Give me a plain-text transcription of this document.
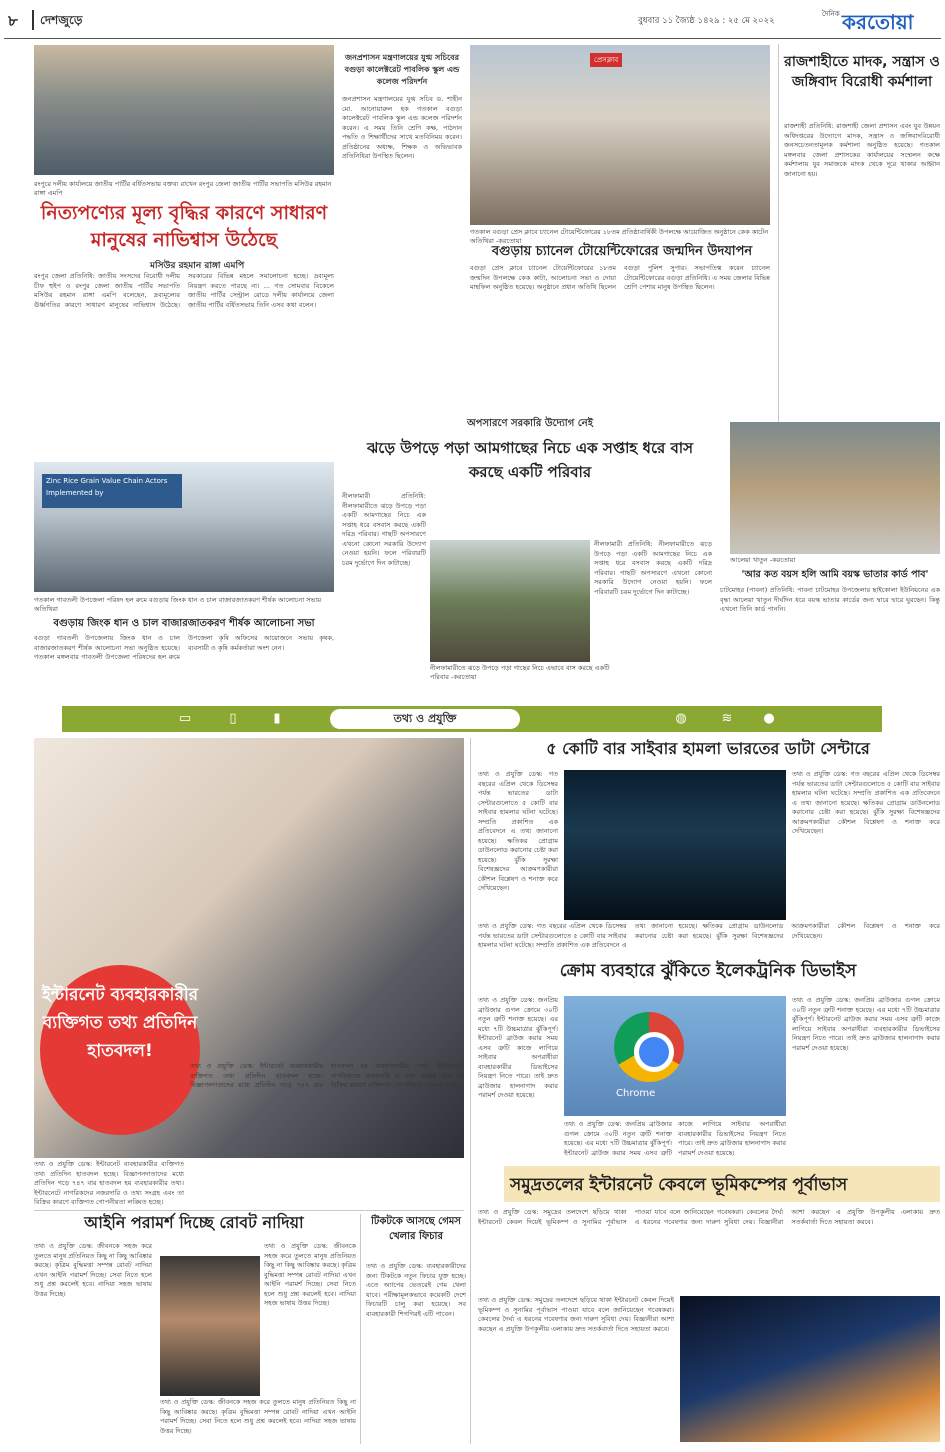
৮ দেশজুড়ে	বুধবার ১১ জ্যৈষ্ঠ ১৪২৯ : ২৫ মে ২০২২
দৈনিক করতোয়া
রংপুরে দলীয় কার্যালয়ে জাতীয় পার্টির বর্ধিতসভায় বক্তব্য রাখেন রংপুর জেলা জাতীয় পার্টির সভাপতি মসিউর রহমান রাঙ্গা এমপি
নিত্যপণ্যের মূল্য বৃদ্ধির কারণে সাধারণ মানুষের নাভিশ্বাস উঠেছে
মসিউর রহমান রাঙ্গা এমপি
রংপুর জেলা প্রতিনিধি: জাতীয় সংসদের বিরোধী দলীয় চীফ হুইপ ও রংপুর জেলা জাতীয় পার্টির সভাপতি মসিউর রহমান রাঙ্গা এমপি বলেছেন, দ্রব্যমূল্যের ঊর্ধ্বগতির কারণে সাধারণ মানুষের নাভিশ্বাস উঠেছে। সরকারের বিভিন্ন মহলে সমালোচনা হচ্ছে। দ্রব্যমূল্য নিয়ন্ত্রণ করতে পারছে না। ... গত সোমবার বিকেলে জাতীয় পার্টির সেন্ট্রাল রোডে দলীয় কার্যালয়ে জেলা জাতীয় পার্টির বর্ধিতসভায় তিনি এসব কথা বলেন।
জনপ্রশাসন মন্ত্রণালয়ের যুগ্ম সচিবের বগুড়া কালেক্টরেট পাবলিক স্কুল এন্ড কলেজ পরিদর্শন
জনপ্রশাসন মন্ত্রণালয়ের যুগ্ম সচিব ড. শাহীন মো. আনোয়ারুল হক গতকাল বগুড়া কালেক্টরেট পাবলিক স্কুল এন্ড কলেজ পরিদর্শন করেন। এ সময় তিনি শ্রেণি কক্ষ, পাঠদান পদ্ধতি ও শিক্ষার্থীদের সাথে মতবিনিময় করেন। প্রতিষ্ঠানের অধ্যক্ষ, শিক্ষক ও অভিভাবক প্রতিনিধিরা উপস্থিত ছিলেন।
প্রেসক্লাব
গতকাল বগুড়া প্রেস ক্লাবে চ্যানেল টোয়েন্টিফোরের ১৮তম প্রতিষ্ঠাবার্ষিকী উপলক্ষে আয়োজিত অনুষ্ঠানে কেক কাটেন অতিথিরা -করতোয়া
বগুড়ায় চ্যানেল টোয়েন্টিফোরের জন্মদিন উদযাপন
বগুড়া প্রেস ক্লাবে চ্যানেল টোয়েন্টিফোরের ১৮তম জন্মদিন উপলক্ষে কেক কাটা, আলোচনা সভা ও দোয়া মাহফিল অনুষ্ঠিত হয়েছে। অনুষ্ঠানে প্রধান অতিথি ছিলেন বগুড়া পুলিশ সুপার। সভাপতিত্ব করেন চ্যানেল টোয়েন্টিফোরের বগুড়া প্রতিনিধি। এ সময় জেলার বিভিন্ন শ্রেণি পেশার মানুষ উপস্থিত ছিলেন।
রাজশাহীতে মাদক, সন্ত্রাস ও জঙ্গিবাদ বিরোধী কর্মশালা
রাজশাহী প্রতিনিধি: রাজশাহী জেলা প্রশাসন এবং যুব উন্নয়ন অধিদপ্তরের উদ্যোগে মাদক, সন্ত্রাস ও জঙ্গিবাদবিরোধী জনসচেতনতামূলক কর্মশালা অনুষ্ঠিত হয়েছে। গতকাল মঙ্গলবার জেলা প্রশাসকের কার্যালয়ের সম্মেলন কক্ষে কর্মশালায় যুব সমাজকে মাদক থেকে দূরে থাকার আহ্বান জানানো হয়।
Zinc Rice Grain Value Chain Actors
Implemented by
গতকাল গাবতলী উপজেলা পরিষদ হল রুমে বগুড়ায় জিংক ধান ও চাল বাজারজাতকরণ শীর্ষক আলোচনা সভায় অতিথিরা
বগুড়ায় জিংক ধান ও চাল বাজারজাতকরণ শীর্ষক আলোচনা সভা
বগুড়া গাবতলী উপজেলায় জিংক ধান ও চাল বাজারজাতকরণ শীর্ষক আলোচনা সভা অনুষ্ঠিত হয়েছে। গতকাল মঙ্গলবার গাবতলী উপজেলা পরিষদের হল রুমে উপজেলা কৃষি অফিসের আয়োজনে সভায় কৃষক, ব্যবসায়ী ও কৃষি কর্মকর্তারা অংশ নেন।
অপসারণে সরকারি উদ্যোগ নেই
ঝড়ে উপড়ে পড়া আমগাছের নিচে এক সপ্তাহ ধরে বাস করছে একটি পরিবার
নীলফামারী প্রতিনিধি: নীলফামারীতে ঝড়ে উপড়ে পড়া একটি আমগাছের নিচে এক সপ্তাহ ধরে বসবাস করছে একটি দরিদ্র পরিবার। গাছটি অপসারণে এখনো কোনো সরকারি উদ্যোগ নেওয়া হয়নি। ফলে পরিবারটি চরম দুর্ভোগে দিন কাটাচ্ছে।
নীলফামারীতে ঝড়ে উপড়ে পড়া গাছের নিচে এভাবে বাস করছে একটি পরিবার -করতোয়া
নীলফামারী প্রতিনিধি: নীলফামারীতে ঝড়ে উপড়ে পড়া একটি আমগাছের নিচে এক সপ্তাহ ধরে বসবাস করছে একটি দরিদ্র পরিবার। গাছটি অপসারণে এখনো কোনো সরকারি উদ্যোগ নেওয়া হয়নি। ফলে পরিবারটি চরম দুর্ভোগে দিন কাটাচ্ছে।
আলেয়া খাতুন -করতোয়া
'আর কত বয়স হলি আমি বয়স্ক ভাতার কার্ড পাব'
চাটমোহর (পাবনা) প্রতিনিধি: পাবনা চাটমোহর উপজেলার ছাইকোলা ইউনিয়নের এক বৃদ্ধা আলেয়া খাতুন দীর্ঘদিন ধরে বয়স্ক ভাতার কার্ডের জন্য দ্বারে দ্বারে ঘুরছেন। কিন্তু এখনো তিনি কার্ড পাননি।
তথ্য ও প্রযুক্তি
▭	▯	▮	◍	≋ ●
ইন্টারনেট ব্যবহারকারীর ব্যক্তিগত তথ্য প্রতিদিন হাতবদল!
তথ্য ও প্রযুক্তি ডেস্ক: ইন্টারনেট ব্যবহারকারীর ব্যক্তিগত তথ্য প্রতিদিন হাতবদল হচ্ছে। বিজ্ঞাপনদাতাদের মধ্যে প্রতিদিন গড়ে ৭৪৭ বার হাতবদল হয় ব্যবহারকারীর তথ্য। ইন্টারনেটে নাগরিকদের নজরদারি ও তথ্য সংগ্রহ এবং তা বিক্রির কারণে ব্যক্তিগত গোপনীয়তা লঙ্ঘিত হচ্ছে।
তথ্য ও প্রযুক্তি ডেস্ক: ইন্টারনেট ব্যবহারকারীর ব্যক্তিগত তথ্য প্রতিদিন হাতবদল হচ্ছে। বিজ্ঞাপনদাতাদের মধ্যে প্রতিদিন গড়ে ৭৪৭ বার হাতবদল হয় ব্যবহারকারীর তথ্য। ইন্টারনেটে নাগরিকদের নজরদারি ও তথ্য সংগ্রহ এবং তা বিক্রির কারণে ব্যক্তিগত গোপনীয়তা লঙ্ঘিত হচ্ছে।
৫ কোটি বার সাইবার হামলা ভারতের ডাটা সেন্টারে
তথ্য ও প্রযুক্তি ডেস্ক: গত বছরের এপ্রিল থেকে ডিসেম্বর পর্যন্ত ভারতের ডাটা সেন্টারগুলোতে ৫ কোটি বার সাইবার হামলার ঘটনা ঘটেছে। সম্প্রতি প্রকাশিত এক প্রতিবেদনে এ তথ্য জানানো হয়েছে। ক্ষতিকর প্রোগ্রাম ডাউনলোড করানোর চেষ্টা করা হয়েছে। ঝুঁকি সুরক্ষা বিশেষজ্ঞদের আক্রমণকারীরা কৌশল বিশ্লেষণ ও শনাক্ত করে দেখিয়েছেন।
তথ্য ও প্রযুক্তি ডেস্ক: গত বছরের এপ্রিল থেকে ডিসেম্বর পর্যন্ত ভারতের ডাটা সেন্টারগুলোতে ৫ কোটি বার সাইবার হামলার ঘটনা ঘটেছে। সম্প্রতি প্রকাশিত এক প্রতিবেদনে এ তথ্য জানানো হয়েছে। ক্ষতিকর প্রোগ্রাম ডাউনলোড করানোর চেষ্টা করা হয়েছে। ঝুঁকি সুরক্ষা বিশেষজ্ঞদের আক্রমণকারীরা কৌশল বিশ্লেষণ ও শনাক্ত করে দেখিয়েছেন।
তথ্য ও প্রযুক্তি ডেস্ক: গত বছরের এপ্রিল থেকে ডিসেম্বর পর্যন্ত ভারতের ডাটা সেন্টারগুলোতে ৫ কোটি বার সাইবার হামলার ঘটনা ঘটেছে। সম্প্রতি প্রকাশিত এক প্রতিবেদনে এ তথ্য জানানো হয়েছে। ক্ষতিকর প্রোগ্রাম ডাউনলোড করানোর চেষ্টা করা হয়েছে। ঝুঁকি সুরক্ষা বিশেষজ্ঞদের আক্রমণকারীরা কৌশল বিশ্লেষণ ও শনাক্ত করে দেখিয়েছেন।
ক্রোম ব্যবহারে ঝুঁকিতে ইলেকট্রনিক ডিভাইস
তথ্য ও প্রযুক্তি ডেস্ক: জনপ্রিয় ব্রাউজার গুগল ক্রোমে ৩০টি নতুন ত্রুটি শনাক্ত হয়েছে। এর মধ্যে ৭টি উচ্চমাত্রার ঝুঁকিপূর্ণ। ইন্টারনেট ব্রাউজ করার সময় এসব ত্রুটি কাজে লাগিয়ে সাইবার অপরাধীরা ব্যবহারকারীর ডিভাইসের নিয়ন্ত্রণ নিতে পারে। তাই দ্রুত ব্রাউজার হালনাগাদ করার পরামর্শ দেওয়া হয়েছে।	Chrome
তথ্য ও প্রযুক্তি ডেস্ক: জনপ্রিয় ব্রাউজার গুগল ক্রোমে ৩০টি নতুন ত্রুটি শনাক্ত হয়েছে। এর মধ্যে ৭টি উচ্চমাত্রার ঝুঁকিপূর্ণ। ইন্টারনেট ব্রাউজ করার সময় এসব ত্রুটি কাজে লাগিয়ে সাইবার অপরাধীরা ব্যবহারকারীর ডিভাইসের নিয়ন্ত্রণ নিতে পারে। তাই দ্রুত ব্রাউজার হালনাগাদ করার পরামর্শ দেওয়া হয়েছে।
তথ্য ও প্রযুক্তি ডেস্ক: জনপ্রিয় ব্রাউজার গুগল ক্রোমে ৩০টি নতুন ত্রুটি শনাক্ত হয়েছে। এর মধ্যে ৭টি উচ্চমাত্রার ঝুঁকিপূর্ণ। ইন্টারনেট ব্রাউজ করার সময় এসব ত্রুটি কাজে লাগিয়ে সাইবার অপরাধীরা ব্যবহারকারীর ডিভাইসের নিয়ন্ত্রণ নিতে পারে। তাই দ্রুত ব্রাউজার হালনাগাদ করার পরামর্শ দেওয়া হয়েছে।
আইনি পরামর্শ দিচ্ছে রোবট নাদিয়া
তথ্য ও প্রযুক্তি ডেস্ক: জীবনকে সহজ করে তুলতে মানুষ প্রতিনিয়ত কিছু না কিছু আবিষ্কার করছে। কৃত্রিম বুদ্ধিমত্তা সম্পন্ন রোবট নাদিয়া এখন আইনি পরামর্শ দিচ্ছে। সেবা নিতে হলে শুধু প্রশ্ন করলেই হবে। নাদিয়া সহজ ভাষায় উত্তর দিচ্ছে।
তথ্য ও প্রযুক্তি ডেস্ক: জীবনকে সহজ করে তুলতে মানুষ প্রতিনিয়ত কিছু না কিছু আবিষ্কার করছে। কৃত্রিম বুদ্ধিমত্তা সম্পন্ন রোবট নাদিয়া এখন আইনি পরামর্শ দিচ্ছে। সেবা নিতে হলে শুধু প্রশ্ন করলেই হবে। নাদিয়া সহজ ভাষায় উত্তর দিচ্ছে।
তথ্য ও প্রযুক্তি ডেস্ক: জীবনকে সহজ করে তুলতে মানুষ প্রতিনিয়ত কিছু না কিছু আবিষ্কার করছে। কৃত্রিম বুদ্ধিমত্তা সম্পন্ন রোবট নাদিয়া এখন আইনি পরামর্শ দিচ্ছে। সেবা নিতে হলে শুধু প্রশ্ন করলেই হবে। নাদিয়া সহজ ভাষায় উত্তর দিচ্ছে।
টিকটকে আসছে গেমস খেলার ফিচার
তথ্য ও প্রযুক্তি ডেস্ক: ব্যবহারকারীদের জন্য টিকটকে নতুন ফিচার যুক্ত হচ্ছে। এতে অ্যাপের ভেতরেই গেম খেলা যাবে। পরীক্ষামূলকভাবে কয়েকটি দেশে ফিচারটি চালু করা হয়েছে। সব ব্যবহারকারী শিগগিরই এটি পাবেন।
সমুদ্রতলের ইন্টারনেট কেবলে ভূমিকম্পের পূর্বাভাস
তথ্য ও প্রযুক্তি ডেস্ক: সমুদ্রের তলদেশে ছড়িয়ে থাকা ইন্টারনেট কেবল দিয়েই ভূমিকম্প ও সুনামির পূর্বাভাস পাওয়া যাবে বলে জানিয়েছেন গবেষকরা। কেবলের দৈর্ঘ্য এ ধরনের গবেষণার জন্য দারুণ সুবিধা দেয়। বিজ্ঞানীরা আশা করছেন এ প্রযুক্তি উপকূলীয় এলাকায় দ্রুত সতর্কবার্তা দিতে সহায়তা করবে।
তথ্য ও প্রযুক্তি ডেস্ক: সমুদ্রের তলদেশে ছড়িয়ে থাকা ইন্টারনেট কেবল দিয়েই ভূমিকম্প ও সুনামির পূর্বাভাস পাওয়া যাবে বলে জানিয়েছেন গবেষকরা। কেবলের দৈর্ঘ্য এ ধরনের গবেষণার জন্য দারুণ সুবিধা দেয়। বিজ্ঞানীরা আশা করছেন এ প্রযুক্তি উপকূলীয় এলাকায় দ্রুত সতর্কবার্তা দিতে সহায়তা করবে।
